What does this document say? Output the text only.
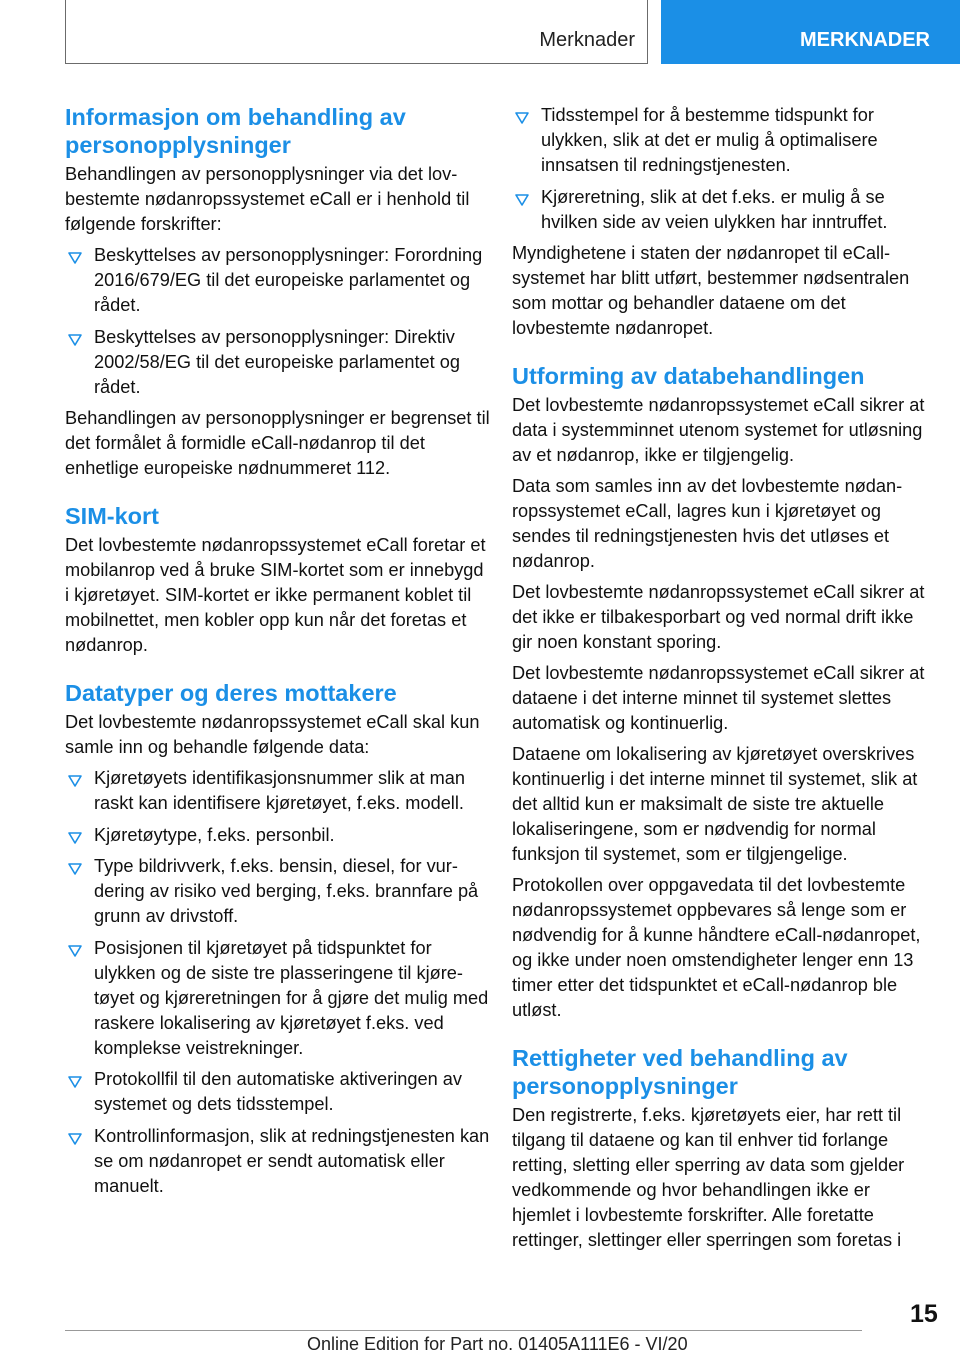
Merknader	MERKNADER
Informasjon om behandling av personopplysninger

Behandlingen av personopplysninger via det lovbestemte nødanropssystemet eCall er i henhold til følgende forskrifter:

Beskyttelses av personopplysninger: Forordning 2016/679/EG til det europeiske parlamentet og rådet.
Beskyttelses av personopplysninger: Direktiv 2002/58/EG til det europeiske parlamentet og rådet.

Behandlingen av personopplysninger er begrenset til det formålet å formidle eCall-nødanrop til det enhetlige europeiske nødnummeret 112.

SIM-kort

Det lovbestemte nødanropssystemet eCall foretar et mobilanrop ved å bruke SIM-kortet som er innebygd i kjøretøyet. SIM-kortet er ikke permanent koblet til mobilnettet, men kobler opp kun når det foretas et nødanrop.

Datatyper og deres mottakere

Det lovbestemte nødanropssystemet eCall skal kun samle inn og behandle følgende data:

Kjøretøyets identifikasjonsnummer slik at man raskt kan identifisere kjøretøyet, f.eks. modell.
Kjøretøytype, f.eks. personbil.
Type bildrivverk, f.eks. bensin, diesel, for vurdering av risiko ved berging, f.eks. brannfare på grunn av drivstoff.
Posisjonen til kjøretøyet på tidspunktet for ulykken og de siste tre plasseringene til kjøretøyet og kjøreretningen for å gjøre det mulig med raskere lokalisering av kjøretøyet f.eks. ved komplekse veistrekninger.
Protokollfil til den automatiske aktiveringen av systemet og dets tidsstempel.
Kontrollinformasjon, slik at redningstjenesten kan se om nødanropet er sendt automatisk eller manuelt.
Tidsstempel for å bestemme tidspunkt for ulykken, slik at det er mulig å optimalisere innsatsen til redningstjenesten.
Kjøreretning, slik at det f.eks. er mulig å se hvilken side av veien ulykken har inntruffet.

Myndighetene i staten der nødanropet til eCall-systemet har blitt utført, bestemmer nødsentralen som mottar og behandler dataene om det lovbestemte nødanropet.

Utforming av databehandlingen

Det lovbestemte nødanropssystemet eCall sikrer at data i systemminnet utenom systemet for utløsning av et nødanrop, ikke er tilgjengelig.

Data som samles inn av det lovbestemte nødanropssystemet eCall, lagres kun i kjøretøyet og sendes til redningstjenesten hvis det utløses et nødanrop.

Det lovbestemte nødanropssystemet eCall sikrer at det ikke er tilbakesporbart og ved normal drift ikke gir noen konstant sporing.

Det lovbestemte nødanropssystemet eCall sikrer at dataene i det interne minnet til systemet slettes automatisk og kontinuerlig.

Dataene om lokalisering av kjøretøyet overskrives kontinuerlig i det interne minnet til systemet, slik at det alltid kun er maksimalt de siste tre aktuelle lokaliseringene, som er nødvendig for normal funksjon til systemet, som er tilgjengelige.

Protokollen over oppgavedata til det lovbestemte nødanropssystemet oppbevares så lenge som er nødvendig for å kunne håndtere eCall-nødanropet, og ikke under noen omstendigheter lenger enn 13 timer etter det tidspunktet et eCall-nødanrop ble utløst.

Rettigheter ved behandling av personopplysninger

Den registrerte, f.eks. kjøretøyets eier, har rett til tilgang til dataene og kan til enhver tid forlange retting, sletting eller sperring av data som gjelder vedkommende og hvor behandlingen ikke er hjemlet i lovbestemte forskrifter. Alle foretatte rettinger, slettinger eller sperringen som foretas i

15
Online Edition for Part no. 01405A111E6 - VI/20
